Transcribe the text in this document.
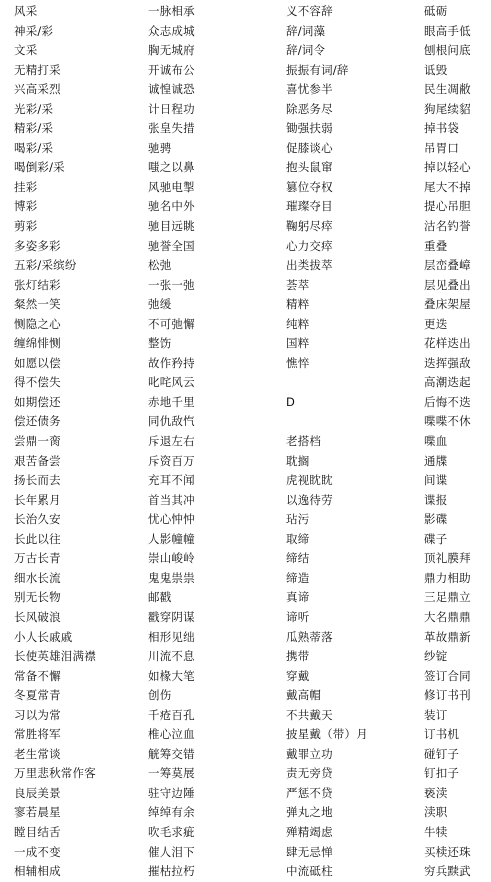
风采
神采/彩
文采
无精打采
兴高采烈
光彩/采
精彩/采
喝彩/采
喝倒彩/采
挂彩
博彩
剪彩
多姿多彩
五彩/采缤纷
张灯结彩
粲然一笑
恻隐之心
缠绵悱恻
如愿以偿
得不偿失
如期偿还
偿还债务
尝鼎一脔
艰苦备尝
扬长而去
长年累月
长治久安
长此以往
万古长青
细水长流
别无长物
长风破浪
小人长戚戚
长使英雄泪满襟
常备不懈
冬夏常青
习以为常
常胜将军
老生常谈
万里悲秋常作客
良辰美景
寥若晨星
瞠目结舌
一成不变
相辅相成
一脉相承
众志成城
胸无城府
开诚布公
诚惶诚恐
计日程功
张皇失措
驰骋
嗤之以鼻
风驰电掣
驰名中外
驰目远眺
驰誉全国
松弛
一张一弛
弛缓
不可弛懈
整饬
故作矜持
叱咤风云
赤地千里
同仇敌忾
斥退左右
斥资百万
充耳不闻
首当其冲
忧心忡忡
人影幢幢
崇山峻岭
鬼鬼祟祟
邮戳
戳穿阴谋
相形见绌
川流不息
如椽大笔
创伤
千疮百孔
椎心泣血
觥筹交错
一筹莫展
驻守边陲
绰绰有余
吹毛求疵
催人泪下
摧枯拉朽
义不容辞
辞/词藻
辞/词令
振振有词/辞
喜忧参半
除恶务尽
锄强扶弱
促膝谈心
抱头鼠窜
篡位夺权
璀璨夺目
鞠躬尽瘁
心力交瘁
出类拔萃
荟萃
精粹
纯粹
国粹
憔悴
D
老搭档
耽搁
虎视眈眈
以逸待劳
玷污
取缔
缔结
缔造
真谛
谛听
瓜熟蒂落
携带
穿戴
戴高帽
不共戴天
披星戴（带）月
戴罪立功
责无旁贷
严惩不贷
弹丸之地
殚精竭虑
肆无忌惮
中流砥柱
砥砺
眼高手低
刨根问底
诋毁
民生凋敝
狗尾续貂
掉书袋
吊胃口
掉以轻心
尾大不掉
提心吊胆
沽名钓誉
重叠
层峦叠嶂
层见叠出
叠床架屋
更迭
花样迭出
迭挥强敌
高潮迭起
后悔不迭
喋喋不休
喋血
通牒
间谍
谍报
影碟
碟子
顶礼膜拜
鼎力相助
三足鼎立
大名鼎鼎
革故鼎新
纱锭
签订合同
修订书刊
装订
订书机
碰钉子
钉扣子
亵渎
渎职
牛犊
买椟还珠
穷兵黩武
